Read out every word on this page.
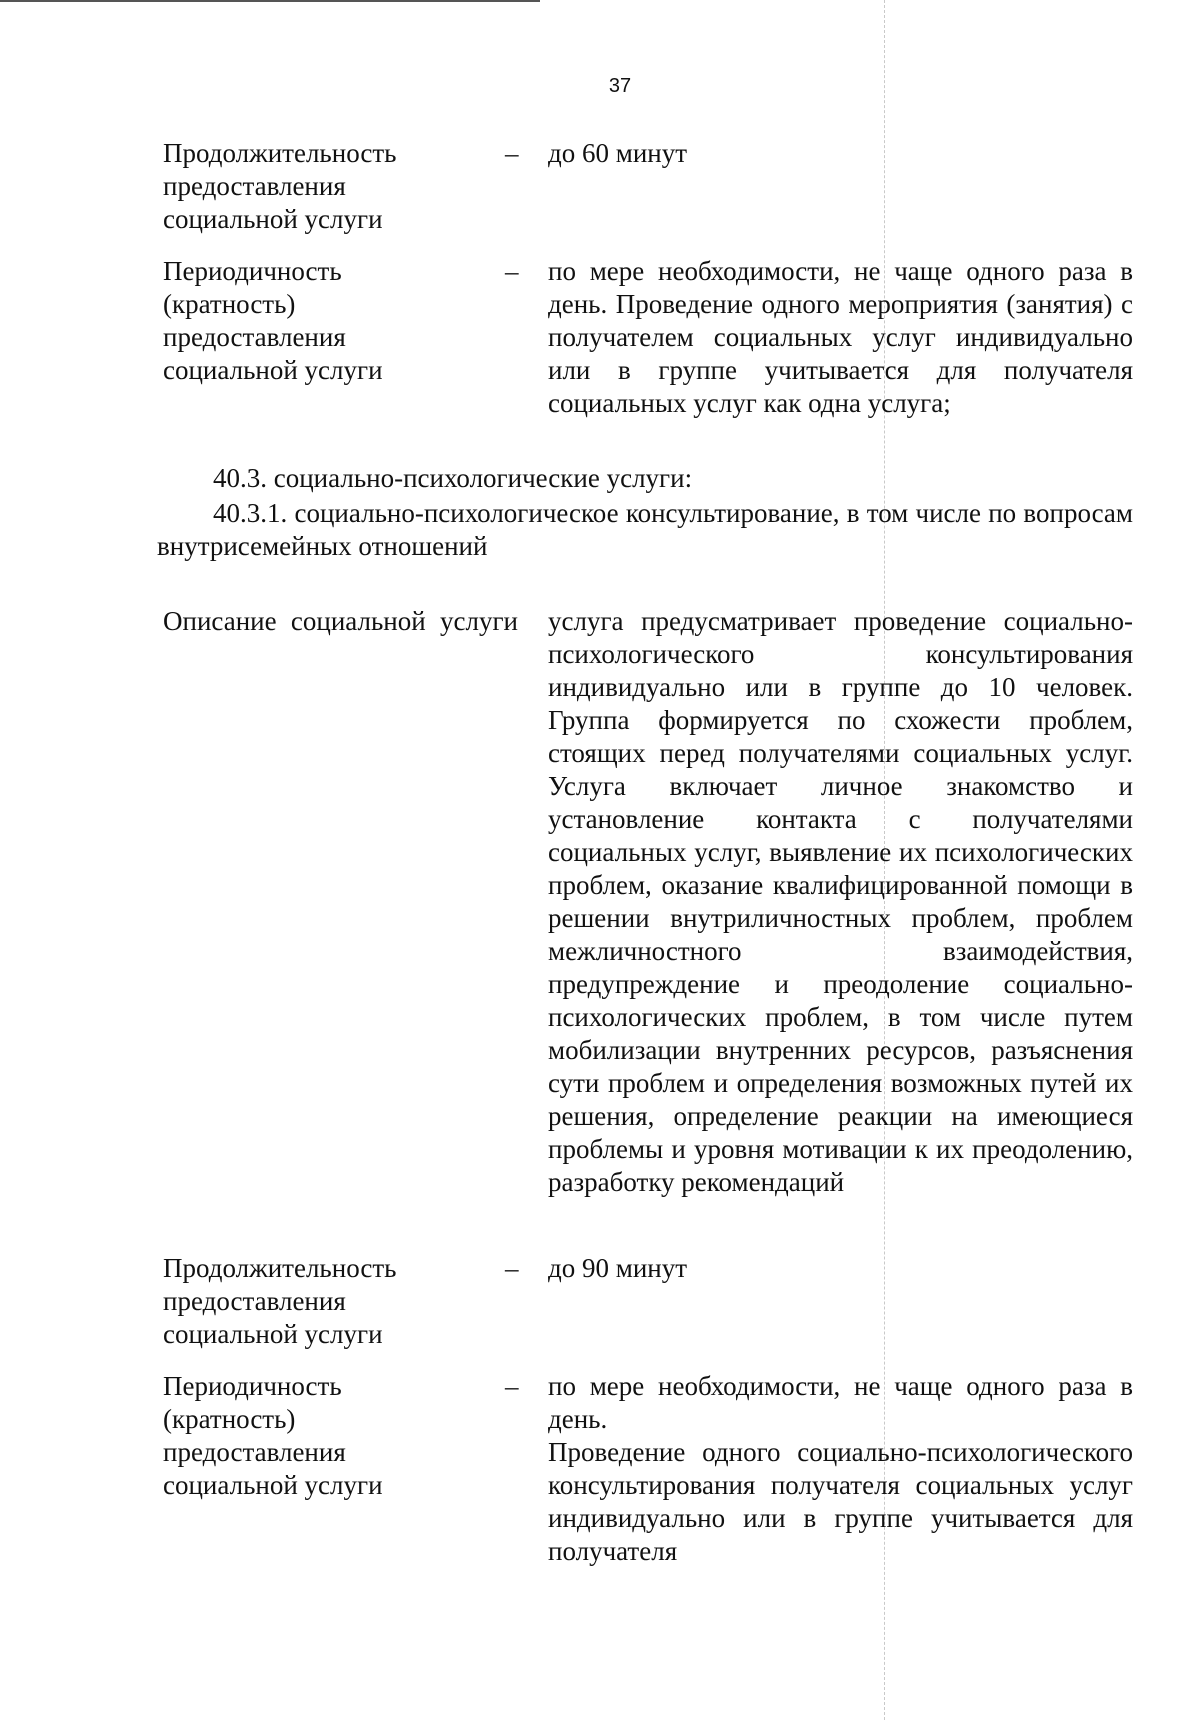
37
Продолжительность предоставления социальной услуги
– до 60 минут
Периодичность (кратность) предоставления социальной услуги
– по мере необходимости, не чаще одного раза в день. Проведение одного мероприятия (занятия) с получателем социальных услуг индивидуально или в группе учитывается для получателя социальных услуг как одна услуга;
40.3. социально-психологические услуги:
40.3.1. социально-психологическое консультирование, в том числе по вопросам внутрисемейных отношений
Описание социальной услуги услуга предусматривает проведение социально-психологического консультирования индивидуально или в группе до 10 человек. Группа формируется по схожести проблем, стоящих перед получателями социальных услуг. Услуга включает личное знакомство и установление контакта с получателями социальных услуг, выявление их психологических проблем, оказание квалифицированной помощи в решении внутриличностных проблем, проблем межличностного взаимодействия, предупреждение и преодоление социально-психологических проблем, в том числе путем мобилизации внутренних ресурсов, разъяснения сути проблем и определения возможных путей их решения, определение реакции на имеющиеся проблемы и уровня мотивации к их преодолению, разработку рекомендаций
Продолжительность предоставления социальной услуги
– до 90 минут
Периодичность (кратность) предоставления социальной услуги
– по мере необходимости, не чаще одного раза в день.
Проведение одного социально-психологического консультирования получателя социальных услуг индивидуально или в группе учитывается для получателя
